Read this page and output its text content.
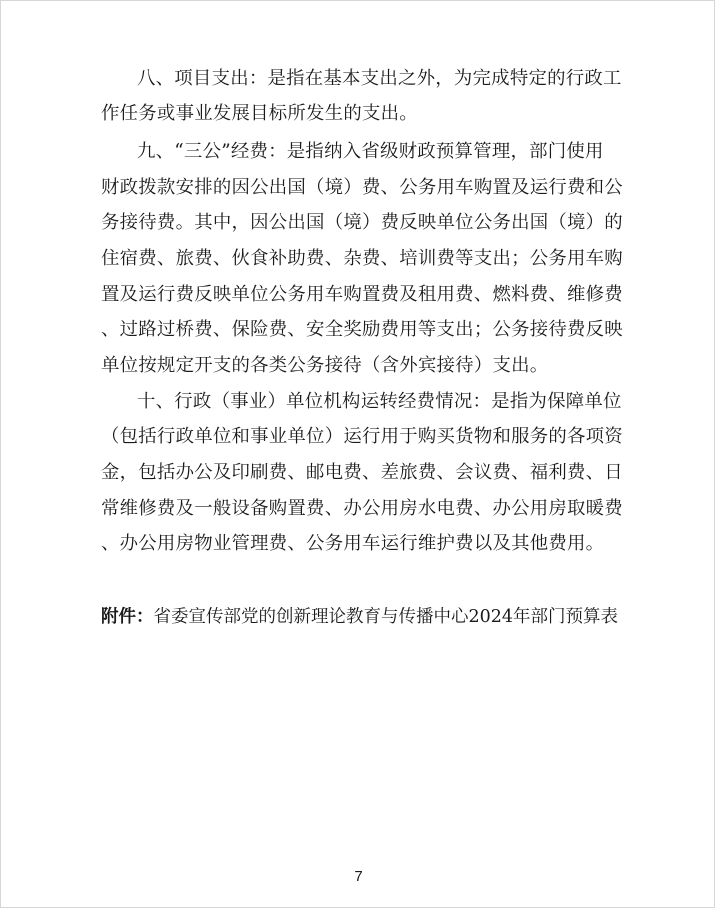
八、项目支出：是指在基本支出之外，为完成特定的行政工
作任务或事业发展目标所发生的支出。
九、“三公”经费：是指纳入省级财政预算管理，部门使用
财政拨款安排的因公出国（境）费、公务用车购置及运行费和公
务接待费。其中，因公出国（境）费反映单位公务出国（境）的
住宿费、旅费、伙食补助费、杂费、培训费等支出；公务用车购
置及运行费反映单位公务用车购置费及租用费、燃料费、维修费
、过路过桥费、保险费、安全奖励费用等支出；公务接待费反映
单位按规定开支的各类公务接待（含外宾接待）支出。
十、行政（事业）单位机构运转经费情况：是指为保障单位
（包括行政单位和事业单位）运行用于购买货物和服务的各项资
金，包括办公及印刷费、邮电费、差旅费、会议费、福利费、日
常维修费及一般设备购置费、办公用房水电费、办公用房取暖费
、办公用房物业管理费、公务用车运行维护费以及其他费用。
附件：省委宣传部党的创新理论教育与传播中心2024年部门预算表
7
